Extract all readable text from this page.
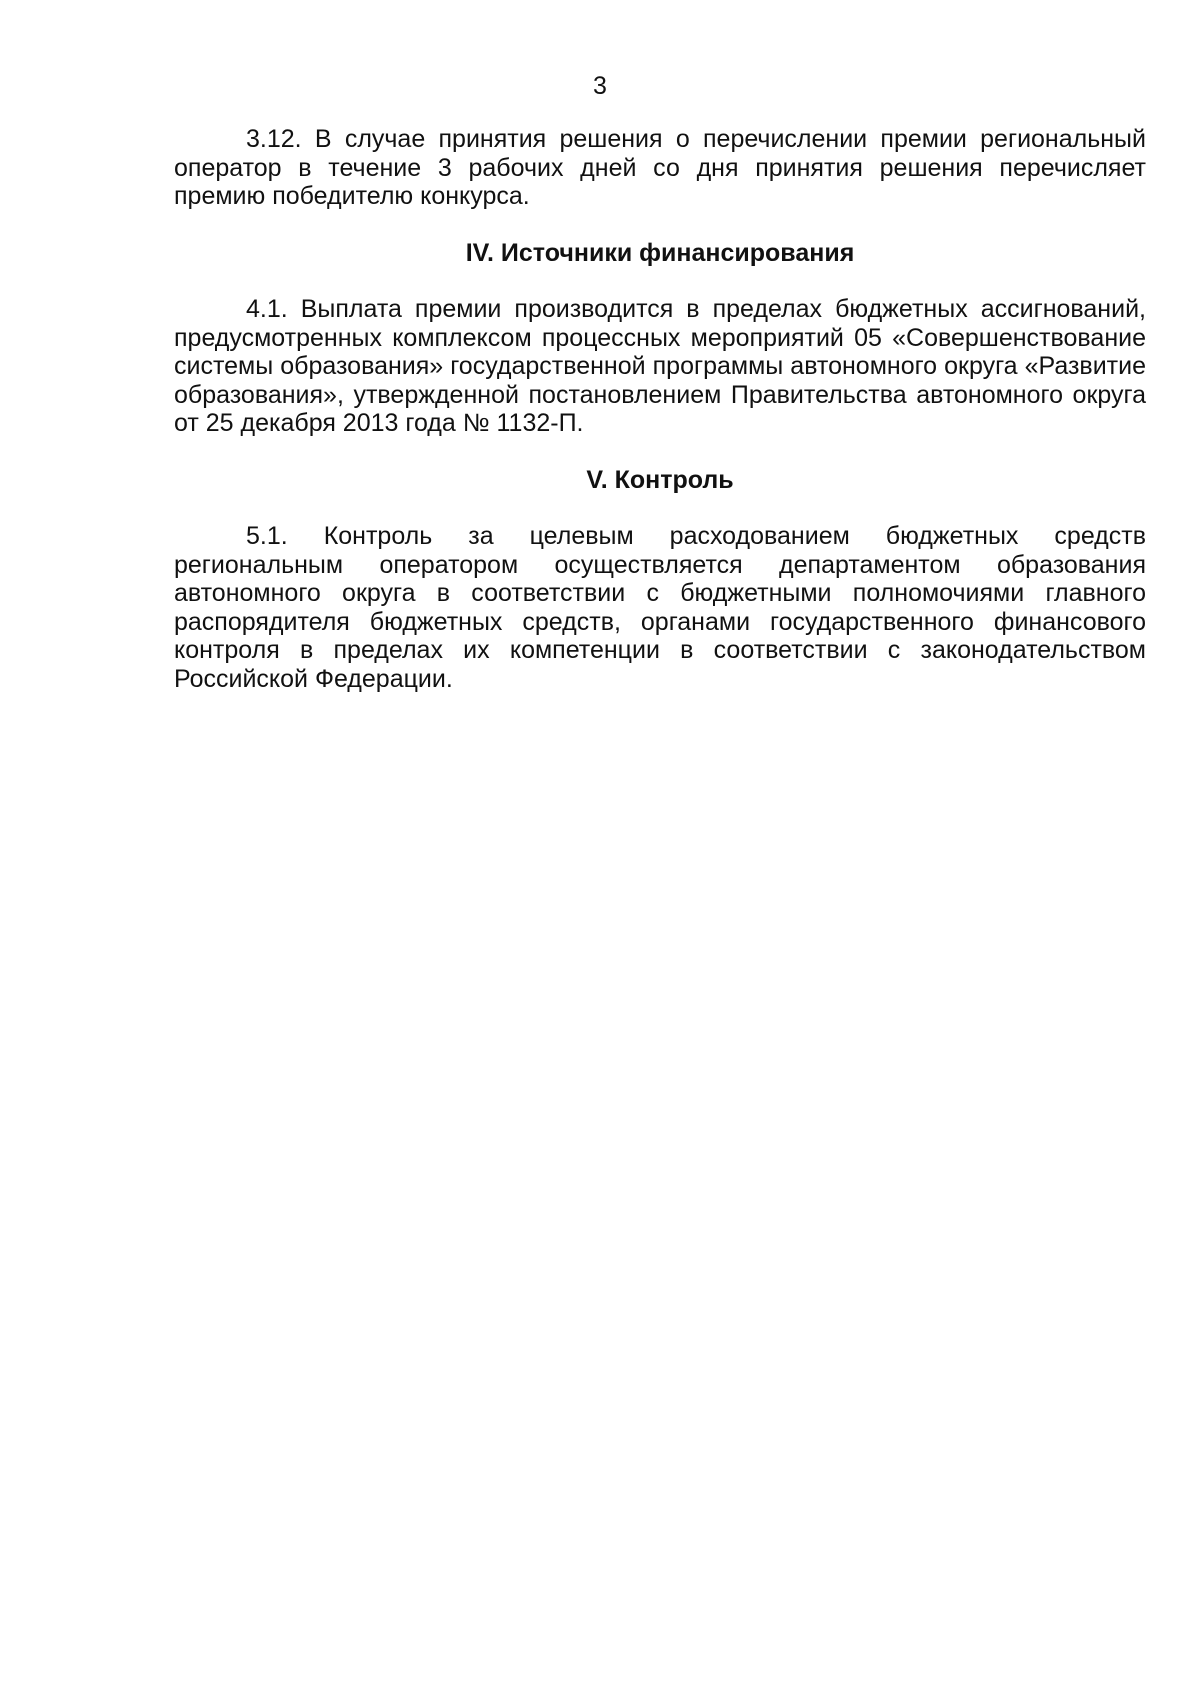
3

3.12. В случае принятия решения о перечислении премии региональный оператор в течение 3 рабочих дней со дня принятия решения перечисляет премию победителю конкурса.

IV. Источники финансирования

4.1. Выплата премии производится в пределах бюджетных ассигнований, предусмотренных комплексом процессных мероприятий 05 «Совершенствование системы образования» государственной программы автономного округа «Развитие образования», утвержденной постановлением Правительства автономного округа от 25 декабря 2013 года № 1132-П.

V. Контроль

5.1. Контроль за целевым расходованием бюджетных средств региональным оператором осуществляется департаментом образования автономного округа в соответствии с бюджетными полномочиями главного распорядителя бюджетных средств, органами государственного финансового контроля в пределах их компетенции в соответствии с законодательством Российской Федерации.
